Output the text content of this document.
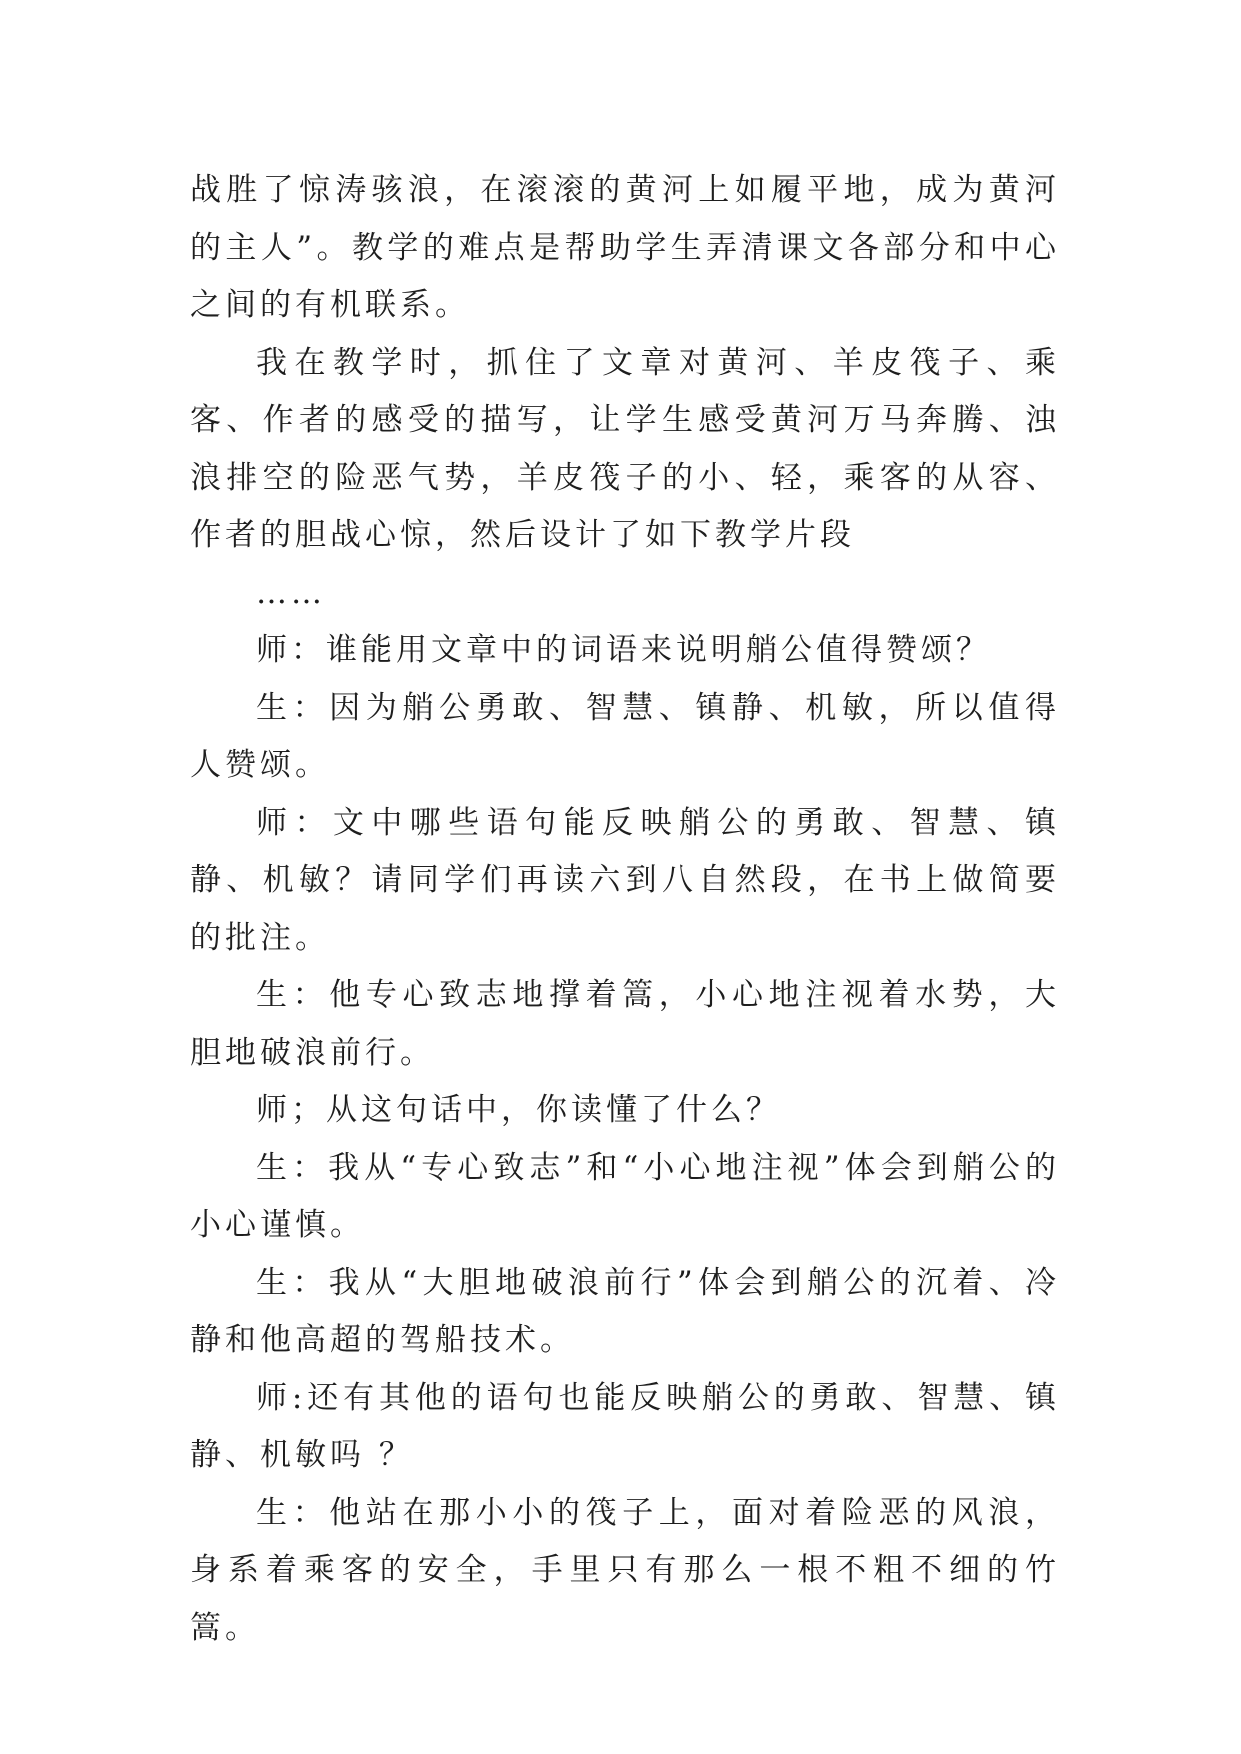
战胜了惊涛骇浪，在滚滚的黄河上如履平地，成为黄河的主人”。教学的难点是帮助学生弄清课文各部分和中心之间的有机联系。

我在教学时，抓住了文章对黄河、羊皮筏子、乘客、作者的感受的描写，让学生感受黄河万马奔腾、浊浪排空的险恶气势，羊皮筏子的小、轻，乘客的从容、作者的胆战心惊，然后设计了如下教学片段

……

师：谁能用文章中的词语来说明艄公值得赞颂？

生：因为艄公勇敢、智慧、镇静、机敏，所以值得人赞颂。

师：文中哪些语句能反映艄公的勇敢、智慧、镇静、机敏？请同学们再读六到八自然段，在书上做简要的批注。

生：他专心致志地撑着篙，小心地注视着水势，大胆地破浪前行。

师；从这句话中，你读懂了什么？

生：我从“专心致志”和“小心地注视”体会到艄公的小心谨慎。

生：我从“大胆地破浪前行”体会到艄公的沉着、冷静和他高超的驾船技术。

师:还有其他的语句也能反映艄公的勇敢、智慧、镇静、机敏吗 ？

生：他站在那小小的筏子上，面对着险恶的风浪，身系着乘客的安全，手里只有那么一根不粗不细的竹篙。
